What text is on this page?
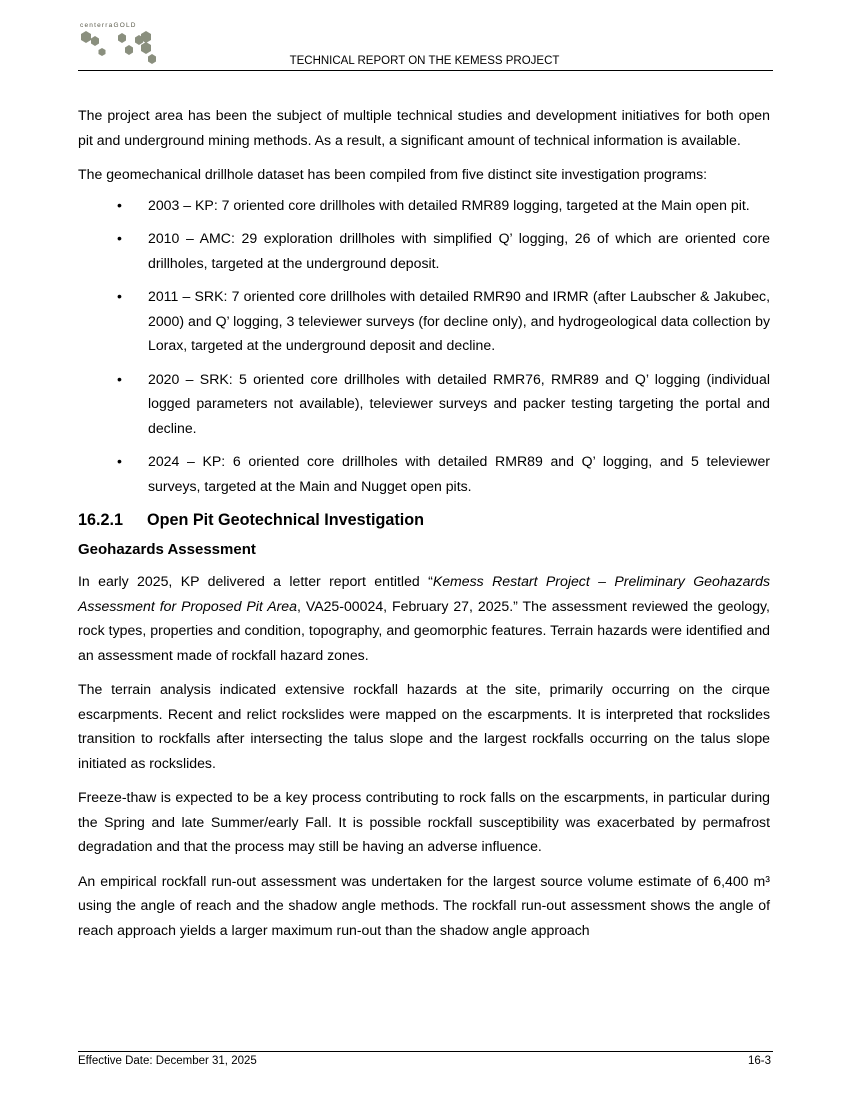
centerraGOLD
TECHNICAL REPORT ON THE KEMESS PROJECT

The project area has been the subject of multiple technical studies and development initiatives for both open pit and underground mining methods. As a result, a significant amount of technical information is available.

The geomechanical drillhole dataset has been compiled from five distinct site investigation programs:

• 2003 – KP: 7 oriented core drillholes with detailed RMR89 logging, targeted at the Main open pit.
• 2010 – AMC: 29 exploration drillholes with simplified Q’ logging, 26 of which are oriented core drillholes, targeted at the underground deposit.
• 2011 – SRK: 7 oriented core drillholes with detailed RMR90 and IRMR (after Laubscher & Jakubec, 2000) and Q’ logging, 3 televiewer surveys (for decline only), and hydrogeological data collection by Lorax, targeted at the underground deposit and decline.
• 2020 – SRK: 5 oriented core drillholes with detailed RMR76, RMR89 and Q’ logging (individual logged parameters not available), televiewer surveys and packer testing targeting the portal and decline.
• 2024 – KP: 6 oriented core drillholes with detailed RMR89 and Q’ logging, and 5 televiewer surveys, targeted at the Main and Nugget open pits.
16.2.1 Open Pit Geotechnical Investigation
Geohazards Assessment

In early 2025, KP delivered a letter report entitled “Kemess Restart Project – Preliminary Geohazards Assessment for Proposed Pit Area, VA25-00024, February 27, 2025.” The assessment reviewed the geology, rock types, properties and condition, topography, and geomorphic features. Terrain hazards were identified and an assessment made of rockfall hazard zones.

The terrain analysis indicated extensive rockfall hazards at the site, primarily occurring on the cirque escarpments. Recent and relict rockslides were mapped on the escarpments. It is interpreted that rockslides transition to rockfalls after intersecting the talus slope and the largest rockfalls occurring on the talus slope initiated as rockslides.

Freeze-thaw is expected to be a key process contributing to rock falls on the escarpments, in particular during the Spring and late Summer/early Fall. It is possible rockfall susceptibility was exacerbated by permafrost degradation and that the process may still be having an adverse influence.

An empirical rockfall run-out assessment was undertaken for the largest source volume estimate of 6,400 m³ using the angle of reach and the shadow angle methods. The rockfall run-out assessment shows the angle of reach approach yields a larger maximum run-out than the shadow angle approach

Effective Date: December 31, 2025	16-3
